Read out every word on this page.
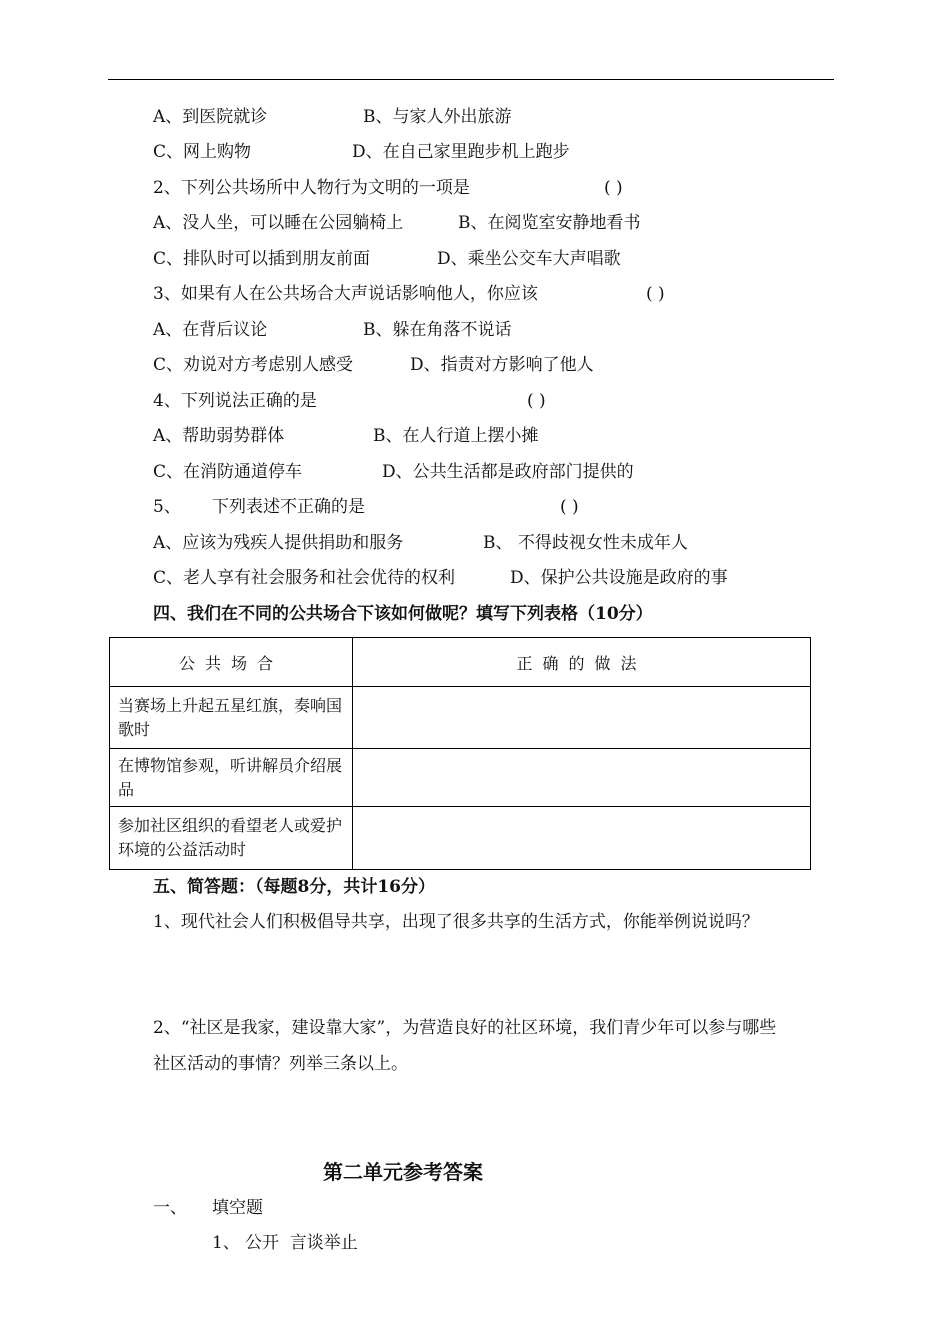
A、到医院就诊	B、与家人外出旅游
C、网上购物	D、在自己家里跑步机上跑步
2、下列公共场所中人物行为文明的一项是	( )
A、没人坐，可以睡在公园躺椅上	B、在阅览室安静地看书
C、排队时可以插到朋友前面	D、乘坐公交车大声唱歌
3、如果有人在公共场合大声说话影响他人，你应该	( )
A、在背后议论	B、躲在角落不说话
C、劝说对方考虑别人感受	D、指责对方影响了他人
4、下列说法正确的是	( )
A、帮助弱势群体	B、在人行道上摆小摊
C、在消防通道停车	D、公共生活都是政府部门提供的
5、 下列表述不正确的是	( )
A、应该为残疾人提供捐助和服务	B、 不得歧视女性未成年人
C、老人享有社会服务和社会优待的权利	D、保护公共设施是政府的事
四、我们在不同的公共场合下该如何做呢？填写下列表格（10分）
公共场合	正确的做法
当赛场上升起五星红旗，奏响国歌时	
在博物馆参观，听讲解员介绍展品	
参加社区组织的看望老人或爱护环境的公益活动时	
五、简答题：（每题8分，共计16分）
1、现代社会人们积极倡导共享，出现了很多共享的生活方式，你能举例说说吗？
2、“社区是我家，建设靠大家”，为营造良好的社区环境，我们青少年可以参与哪些
社区活动的事情？列举三条以上。
第二单元参考答案
一、 填空题
1、 公开  言谈举止
